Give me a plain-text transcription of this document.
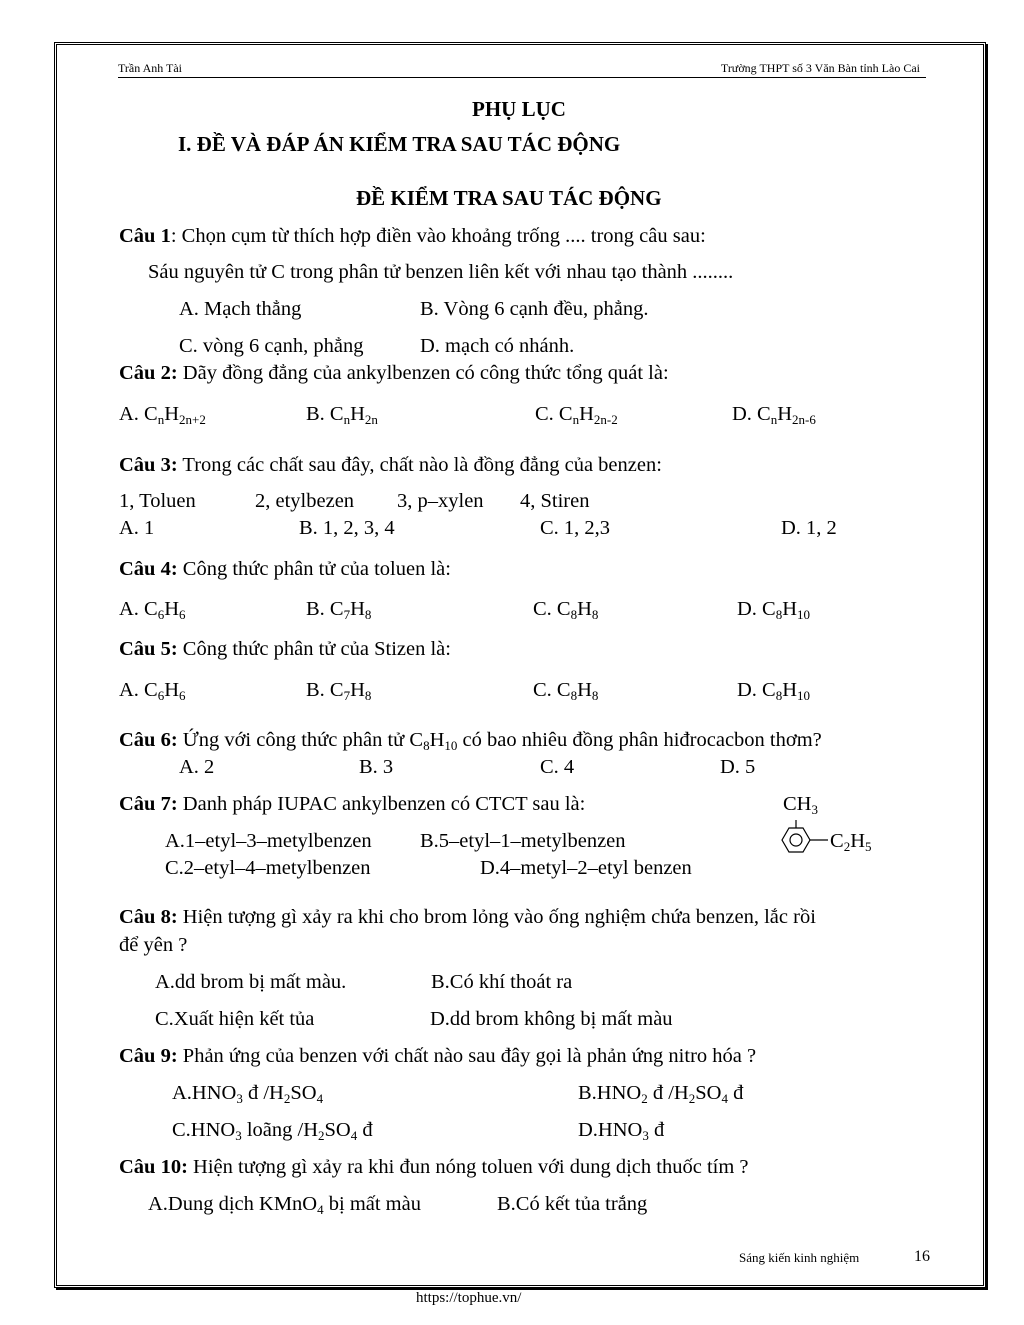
Trần Anh Tài	Trường THPT số 3 Văn Bàn tỉnh Lào Cai
PHỤ LỤC
I. ĐỀ VÀ ĐÁP ÁN KIỂM TRA SAU TÁC ĐỘNG
ĐỀ KIỂM TRA SAU TÁC ĐỘNG
Câu 1: Chọn cụm từ thích hợp điền vào khoảng trống .... trong câu sau:
Sáu nguyên tử C trong phân tử benzen liên kết với nhau tạo thành ........
A. Mạch thẳng	B. Vòng 6 cạnh đều, phẳng.
C. vòng 6 cạnh, phẳng	D. mạch có nhánh.
Câu 2: Dãy đồng đẳng của ankylbenzen có công thức tổng quát là:
A. $C_nH_{2n+2}$	B. $C_nH_{2n}$	C. $C_nH_{2n-2}$	D. $C_nH_{2n-6}$
Câu 3: Trong các chất sau đây, chất nào là đồng đẳng của benzen:
1, Toluen	2, etylbezen 3, p–xylen 4, Stiren
A. 1	B. 1, 2, 3, 4	C. 1, 2,3	D. 1, 2
Câu 4: Công thức phân tử của toluen là:
A. $C_6H_6$	B. $C_7H_8$	C. $C_8H_8$	D. $C_8H_{10}$
Câu 5: Công thức phân tử của Stizen là:
A. $C_6H_6$	B. $C_7H_8$	C. $C_8H_8$	D. $C_8H_{10}$
Câu 6: Ứng với công thức phân tử $C_8H_{10}$ có bao nhiêu đồng phân hiđrocacbon thơm?
A. 2	B. 3	C. 4	D. 5
Câu 7: Danh pháp IUPAC ankylbenzen có CTCT sau là:	$CH_3$
$C_2H_5$
A.1–etyl–3–metylbenzen B.5–etyl–1–metylbenzen
C.2–etyl–4–metylbenzen	D.4–metyl–2–etyl benzen
Câu 8: Hiện tượng gì xảy ra khi cho brom lỏng vào ống nghiệm chứa benzen, lắc rồi
để yên ?
A.dd brom bị mất màu.	B.Có khí thoát ra
C.Xuất hiện kết tủa	D.dd brom không bị mất màu
Câu 9: Phản ứng của benzen với chất nào sau đây gọi là phản ứng nitro hóa ?
$A.HNO_3$ đ $/H_2SO_4$	$B.HNO_2$ đ $/H_2SO_4$ đ
$C.HNO_3$ loãng $/H_2SO_4$ đ	$D.HNO_3$ đ
Câu 10: Hiện tượng gì xảy ra khi đun nóng toluen với dung dịch thuốc tím ?
A.Dung dịch KMnO$_4$ bị mất màu	B.Có kết tủa trắng
Sáng kiến kinh nghiệm	16
https://tophue.vn/
